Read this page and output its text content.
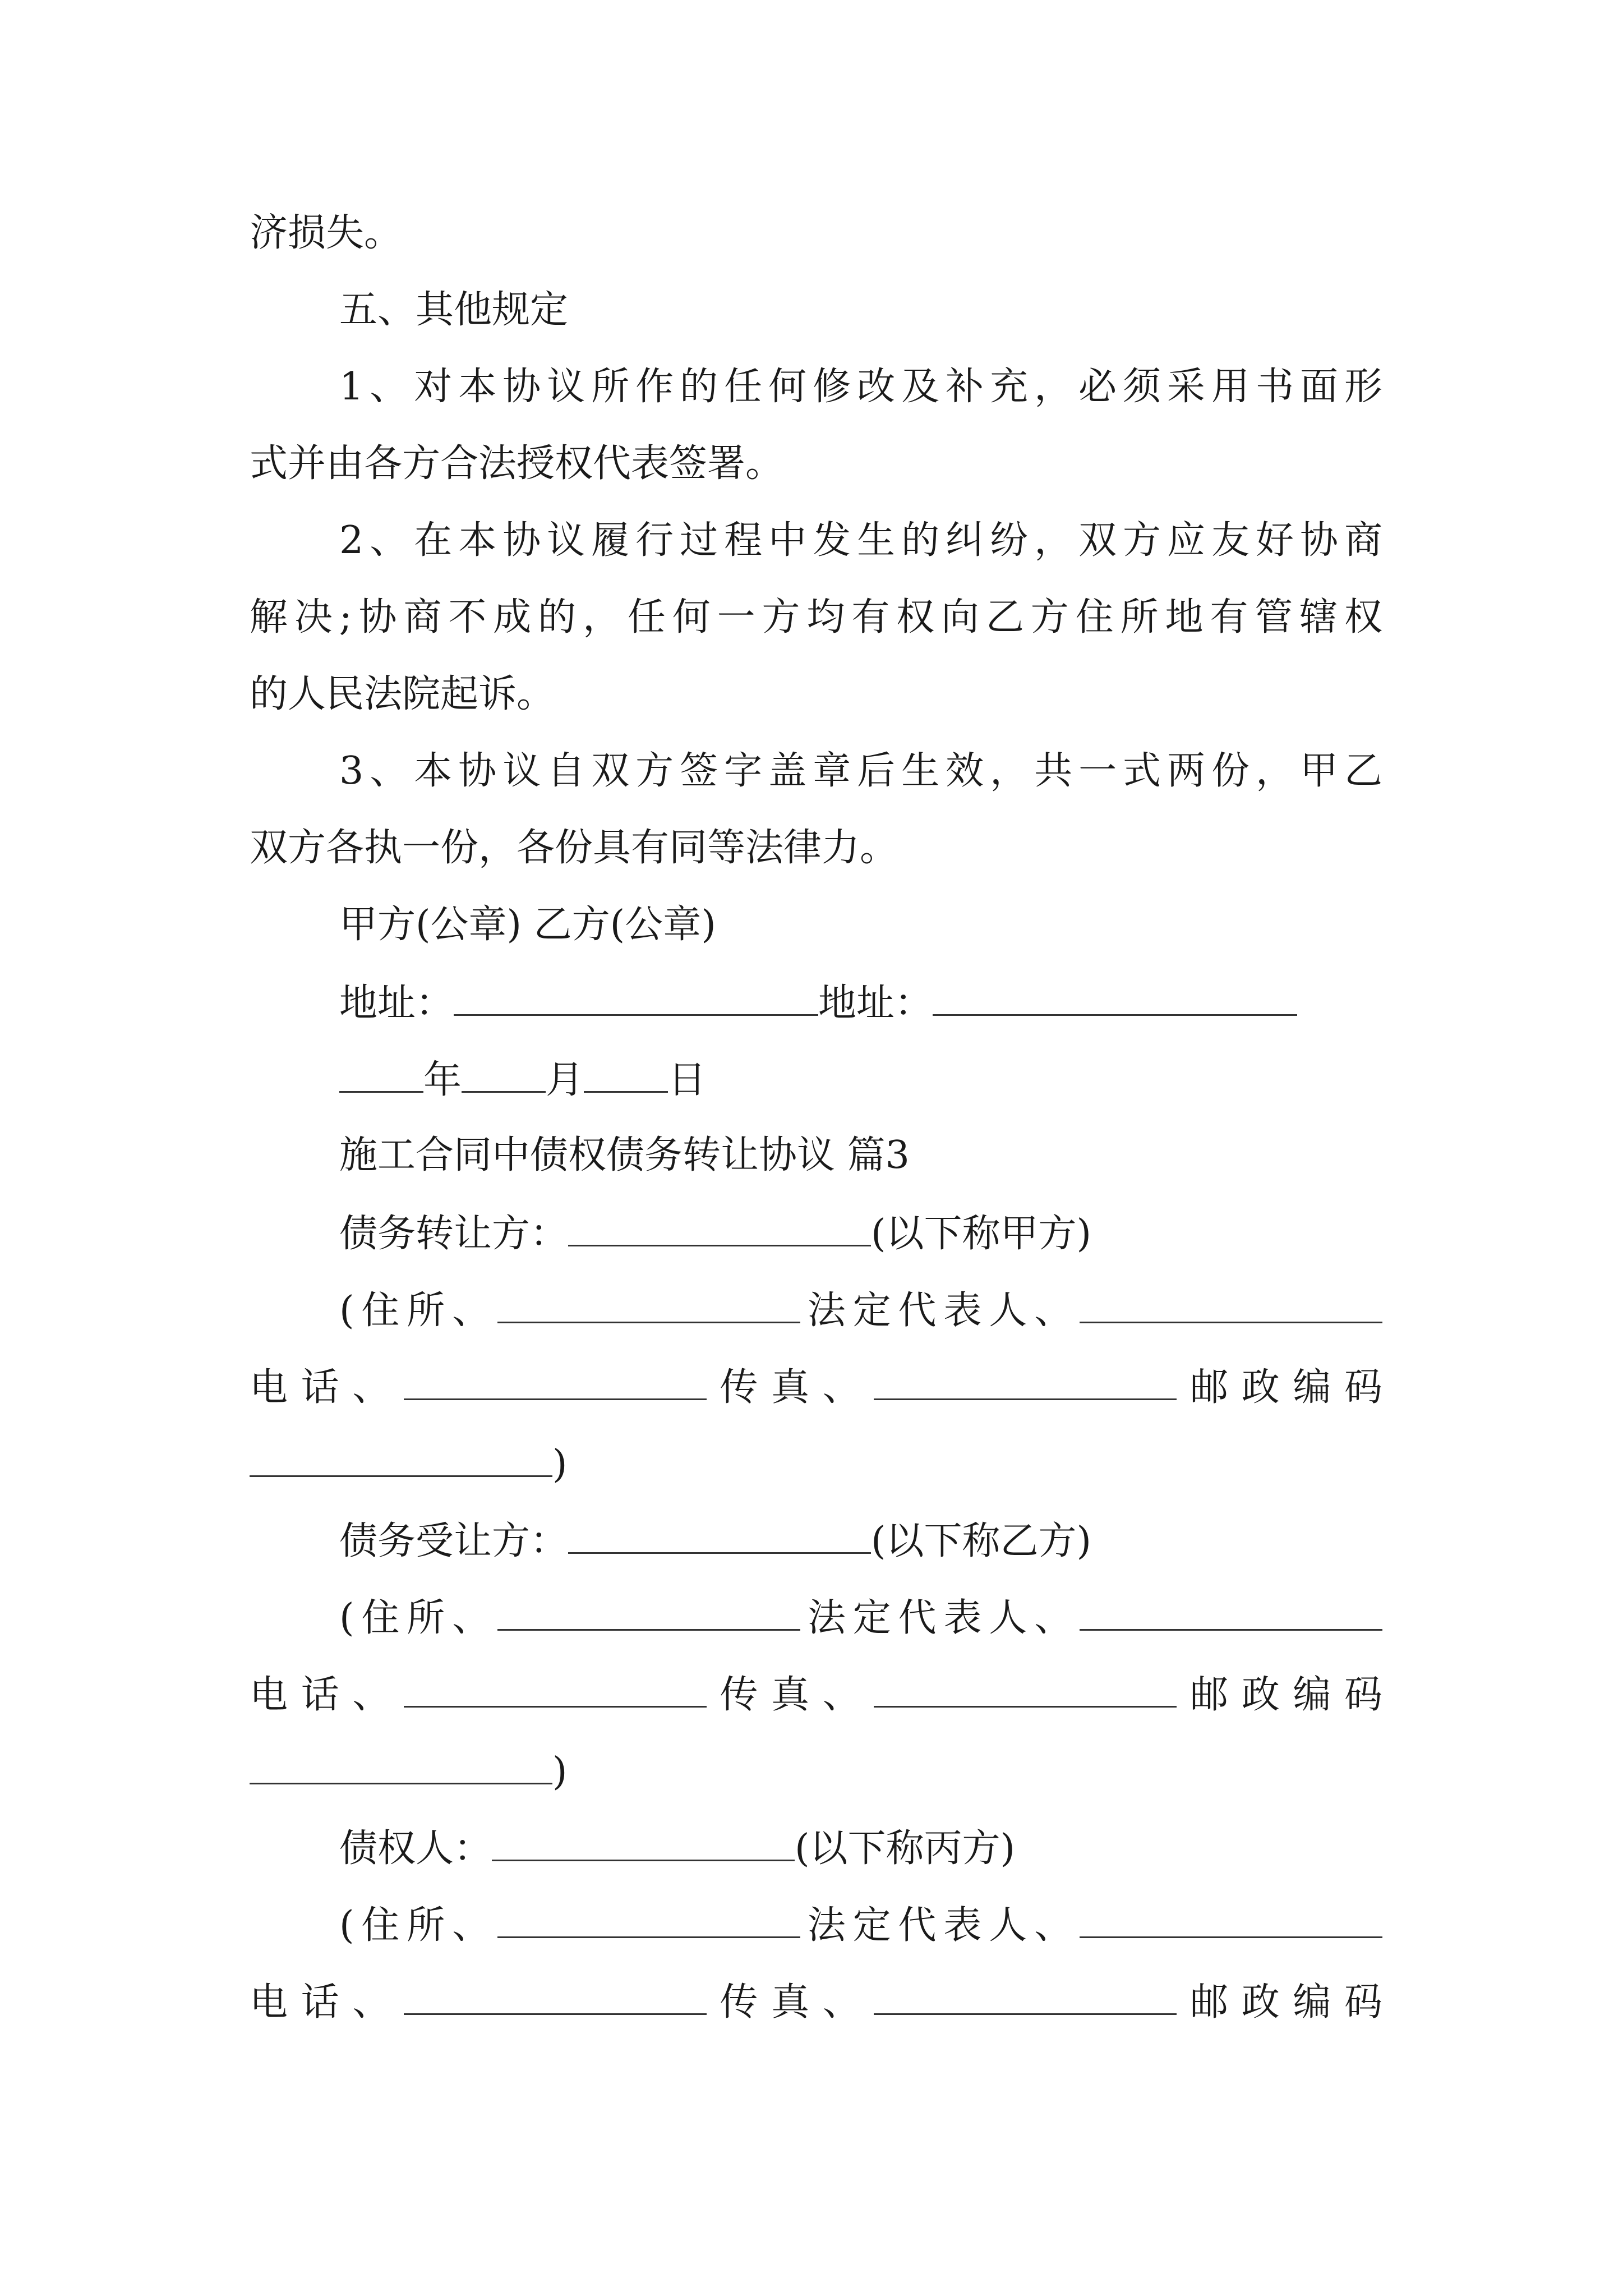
济损失。
五、其他规定
1、对本协议所作的任何修改及补充，必须采用书面形
式并由各方合法授权代表签署。
2、在本协议履行过程中发生的纠纷，双方应友好协商
解决;协商不成的，任何一方均有权向乙方住所地有管辖权
的人民法院起诉。
3、本协议自双方签字盖章后生效，共一式两份，甲乙
双方各执一份，各份具有同等法律力。
甲方(公章) 乙方(公章)
地址：	地址：
年 月 日
施工合同中债权债务转让协议 篇3
债务转让方：	(以下称甲方)
(住所、	法定代表人、
电话、	传真、	邮政编码
)
债务受让方：	(以下称乙方)
(住所、	法定代表人、
电话、	传真、	邮政编码
)
债权人：	(以下称丙方)
(住所、	法定代表人、
电话、	传真、	邮政编码
